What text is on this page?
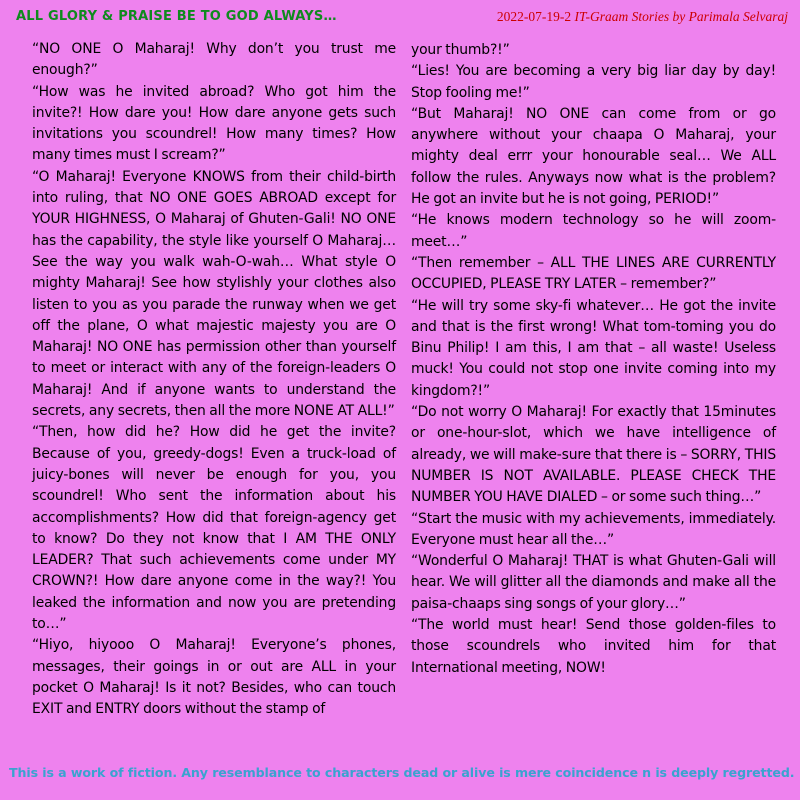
ALL GLORY & PRAISE BE TO GOD ALWAYS…	2022-07-19-2 IT-Graam Stories by Parimala Selvaraj

“NO ONE O Maharaj! Why don’t you trust me enough?”

“How was he invited abroad? Who got him the invite?! How dare you! How dare anyone gets such invitations you scoundrel! How many times? How many times must I scream?”

“O Maharaj! Everyone KNOWS from their child-birth into ruling, that NO ONE GOES ABROAD except for YOUR HIGHNESS, O Maharaj of Ghuten-Gali! NO ONE has the capability, the style like yourself O Maharaj… See the way you walk wah-O-wah… What style O mighty Maharaj! See how stylishly your clothes also listen to you as you parade the runway when we get off the plane, O what majestic majesty you are O Maharaj! NO ONE has permission other than yourself to meet or interact with any of the foreign-leaders O Maharaj! And if anyone wants to understand the secrets, any secrets, then all the more NONE AT ALL!”

“Then, how did he? How did he get the invite? Because of you, greedy-dogs! Even a truck-load of juicy-bones will never be enough for you, you scoundrel! Who sent the information about his accomplishments? How did that foreign-agency get to know? Do they not know that I AM THE ONLY LEADER? That such achievements come under MY CROWN?! How dare anyone come in the way?! You leaked the information and now you are pretending to…”

“Hiyo, hiyooo O Maharaj! Everyone’s phones, messages, their goings in or out are ALL in your pocket O Maharaj! Is it not? Besides, who can touch EXIT and ENTRY doors without the stamp of

your thumb?!”

“Lies! You are becoming a very big liar day by day! Stop fooling me!”

“But Maharaj! NO ONE can come from or go anywhere without your chaapa O Maharaj, your mighty deal errr your honourable seal… We ALL follow the rules. Anyways now what is the problem? He got an invite but he is not going, PERIOD!”

“He knows modern technology so he will zoom-meet…”

“Then remember – ALL THE LINES ARE CURRENTLY OCCUPIED, PLEASE TRY LATER – remember?”

“He will try some sky-fi whatever… He got the invite and that is the first wrong! What tom-toming you do Binu Philip! I am this, I am that – all waste! Useless muck! You could not stop one invite coming into my kingdom?!”

“Do not worry O Maharaj! For exactly that 15minutes or one-hour-slot, which we have intelligence of already, we will make-sure that there is – SORRY, THIS NUMBER IS NOT AVAILABLE. PLEASE CHECK THE NUMBER YOU HAVE DIALED – or some such thing…”

“Start the music with my achievements, immediately. Everyone must hear all the…”

“Wonderful O Maharaj! THAT is what Ghuten-Gali will hear. We will glitter all the diamonds and make all the paisa-chaaps sing songs of your glory…”

“The world must hear! Send those golden-files to those scoundrels who invited him for that International meeting, NOW!

This is a work of fiction. Any resemblance to characters dead or alive is mere coincidence n is deeply regretted.
